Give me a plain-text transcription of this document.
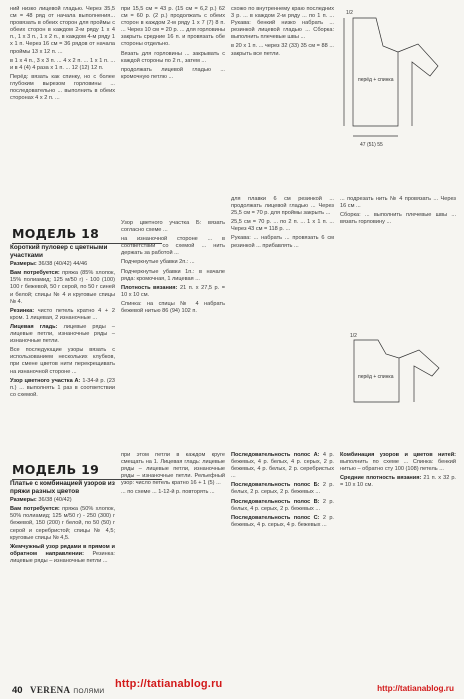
ний низко лицевой гладью. Через 35,5 см = 48 ряд от начала выполнения... провязать в обеих сторон для проймы с обеих сторон в каждом 2-м ряду 1 х 4 п., 1 х 3 п., 1 х 2 п., в каждом 4-м ряду 1 х 1 п. Через 16 см = 36 рядов от начала проймы 13 х 12 п. ...

в 1 х 4 п., 3 х 3 п. ... 4 х 2 п. ... 1 х 1 п. ... и в 4 (4) 4 раза х 1 п. ... 12 (12) 12 п.

Перёд: вязать как спинку, но с более глубоким вырезом горловины ... последовательно ... выполнить в обеих сторонах 4 х 2 п. ...

при 15,5 см = 43 р. (15 см = 6,2 р.) 62 см = 60 р. (2 р.) продолжать с обеих сторон в каждом 2-м ряду 1 х 7 (7) 8 п. ... Через 10 см = 20 р. ... для горловины закрыть средние 16 п. и провязать обе стороны отдельно.

Вязать для горловины ... закрывать с каждой стороны по 2 п., затем ...

продолжать лицевой гладью ... кромочную петлю ...

схожо по внутреннему краю последних 3 р. ... в каждом 2-м ряду ... по 1 п. ... Рукава: бенкий низко набрать ... резинкой лицевой гладью ... Сборка: выполнить плечевые швы ...

в 20 х 1 п. ... через 32 (33) 35 см = 88 ... закрыть все петли.

1/2
перёд + спинка
47 (51) 55
МОДЕЛЬ 18
Короткий пуловер с цветными участками

Размеры: 36/38 (40/42) 44/46

Вам потребуется: пряжа (85% хлопок, 15% полиамид; 125 м/50 г) - 100 (100) 100 г бежевой, 50 г серой, по 50 г синей и белой; спицы № 4 и круговые спицы № 4.

Резинка: чисто петель кратно 4 + 2 кром. 1 лицевая, 2 изнаночные ...

Лицевая гладь: лицевые ряды – лицевые петли, изнаночные ряды – изнаночные петли.

Все последующие узоры вязать с использованием нескольких клубков, при смене цветов нити перекрещивать на изнаночной стороне ...

Узор цветного участка А: 1-34-й р. (23 п.) ... выполнять 1 раз в соответствии со схемой.

Узор цветного участка Б: вязать согласно схеме ...

на изнаночной стороне ... в соответствии со схемой ... нить держать за работой ...

Подчеркнутые убавки 2п.: ...

Подчеркнутые убавки 1п.: в начале ряда: кромочная, 1 лицевая ...

Плотность вязания: 21 п. x 27,5 р. = 10 x 10 см.

Спинка: на спицы № 4 набрать бежевой нитью 86 (94) 102 п.

для плавки 6 см резинкой ... продолжать лицевой гладью ... Через 25,5 см = 70 р. для проймы закрыть ...

25,5 см = 70 р. ... по 2 п. ... 1 х 1 п. ... Через 43 см = 118 р. ...

Рукава: ... набрать ... провязать 6 см резинкой ... прибавлять ...

... подрезать нить № 4 провязать ... Через 16 см ...

Сборка: ... выполнить плечевые швы ... вязать горловину ...

1/2
перёд + спинка
МОДЕЛЬ 19
Платье с комбинацией узоров из пряжи разных цветов

Размеры: 36/38 (40/42)

Вам потребуется: пряжа (50% хлопок, 50% полиамид; 125 м/50 г) - 250 (300) г бежевой, 150 (200) г белой, по 50 (50) г серой и серебристой; спицы № 4,5; круговые спицы № 4,5.

Жемчужный узор рядами в прямом и обратном направлении: Резинка: лицевые ряды – изнаночные петли ...

при этом петли в каждом круге смещать на 1. Лицевая гладь: лицевые ряды – лицевые петли, изнаночные ряды – изнаночные петли. Рельефный узор: число петель кратно 16 + 1 (5) ...

... по схеме ... 1-12-й р. повторять ...

Последовательность полос А: 4 р. бежевых, 4 р. белых, 4 р. серых, 2 р. бежевых, 4 р. белых, 2 р. серебристых ...

Последовательность полос Б: 2 р. белых, 2 р. серых, 2 р. бежевых ...

Последовательность полос В: 2 р. белых, 4 р. серых, 2 р. бежевых ...

Последовательность полос С: 2 р. бежевых, 4 р. серых, 4 р. бежевых ...

Комбинация узоров и цветов нитей: выполнить по схеме ... Спинка: бенкий нитью – обратно сту 100 (108) петель ...

Средние плотность вязания: 21 п. x 32 р. = 10 x 10 см.

40 VERENA ПОЛЯМИ
http://tatianablog.ru	http://tatianablog.ru
